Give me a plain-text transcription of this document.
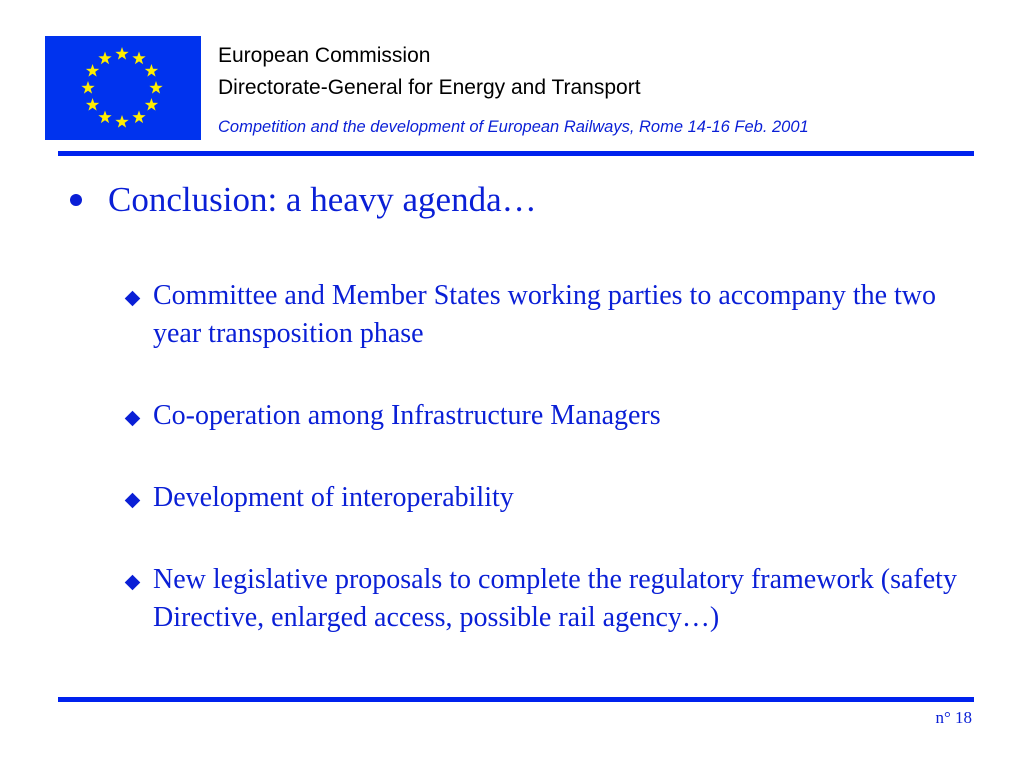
European Commission
Directorate-General for Energy and Transport
Competition and the development of European Railways, Rome 14-16 Feb. 2001
Conclusion: a heavy agenda…
Committee and Member States working parties to accompany the two year transposition phase
Co-operation among Infrastructure Managers
Development of interoperability
New legislative proposals to complete the regulatory framework (safety Directive, enlarged access, possible rail agency…)
n° 18
